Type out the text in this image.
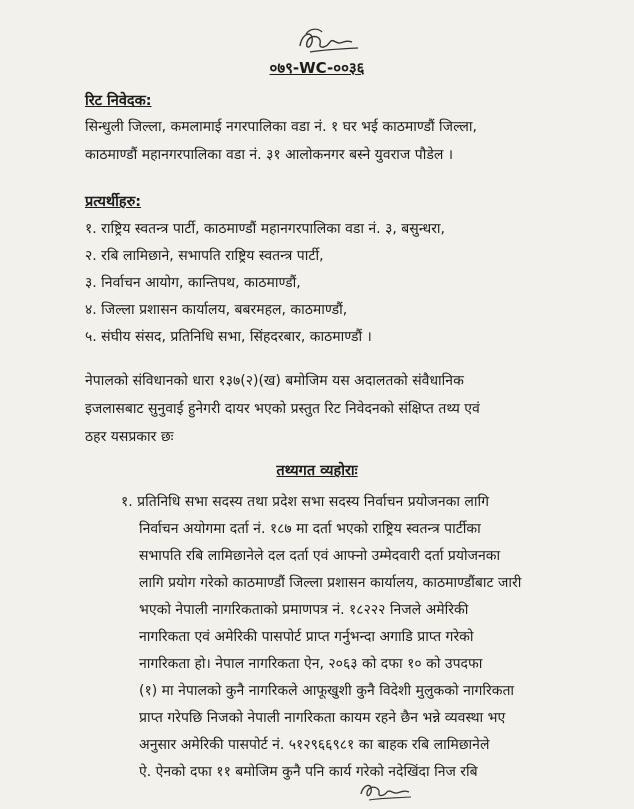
०७९-WC-००३६
रिट निवेदक:
सिन्धुली जिल्ला, कमलामाई नगरपालिका वडा नं. १ घर भई काठमाण्डौं जिल्ला,
काठमाण्डौं महानगरपालिका वडा नं. ३१ आलोकनगर बस्ने युवराज पौडेल ।
प्रत्यर्थीहरु:
१. राष्ट्रिय स्वतन्त्र पार्टी, काठमाण्डौं महानगरपालिका वडा नं. ३, बसुन्धरा,
२. रबि लामिछाने, सभापति राष्ट्रिय स्वतन्त्र पार्टी,
३. निर्वाचन आयोग, कान्तिपथ, काठमाण्डौं,
४. जिल्ला प्रशासन कार्यालय, बबरमहल, काठमाण्डौं,
५. संघीय संसद, प्रतिनिधि सभा, सिंहदरबार, काठमाण्डौं ।
नेपालको संविधानको धारा १३७(२)(ख) बमोजिम यस अदालतको संवैधानिक
इजलासबाट सुनुवाई हुनेगरी दायर भएको प्रस्तुत रिट निवेदनको संक्षिप्त तथ्य एवं
ठहर यसप्रकार छः
तथ्यगत व्यहोराः
१. प्रतिनिधि सभा सदस्य तथा प्रदेश सभा सदस्य निर्वाचन प्रयोजनका लागि
निर्वाचन अयोगमा दर्ता नं. १८७ मा दर्ता भएको राष्ट्रिय स्वतन्त्र पार्टीका
सभापति रबि लामिछानेले दल दर्ता एवं आफ्नो उम्मेदवारी दर्ता प्रयोजनका
लागि प्रयोग गरेको काठमाण्डौं जिल्ला प्रशासन कार्यालय, काठमाण्डौंबाट जारी
भएको नेपाली नागरिकताको प्रमाणपत्र नं. १८२२२ निजले अमेरिकी
नागरिकता एवं अमेरिकी पासपोर्ट प्राप्त गर्नुभन्दा अगाडि प्राप्त गरेको
नागरिकता हो। नेपाल नागरिकता ऐन, २०६३ को दफा १० को उपदफा
(१) मा नेपालको कुनै नागरिकले आफूखुशी कुनै विदेशी मुलुकको नागरिकता
प्राप्त गरेपछि निजको नेपाली नागरिकता कायम रहने छैन भन्ने व्यवस्था भए
अनुसार अमेरिकी पासपोर्ट नं. ५१२९६६९८१ का बाहक रबि लामिछानेले
ऐ. ऐनको दफा ११ बमोजिम कुनै पनि कार्य गरेको नदेखिंदा निज रबि
